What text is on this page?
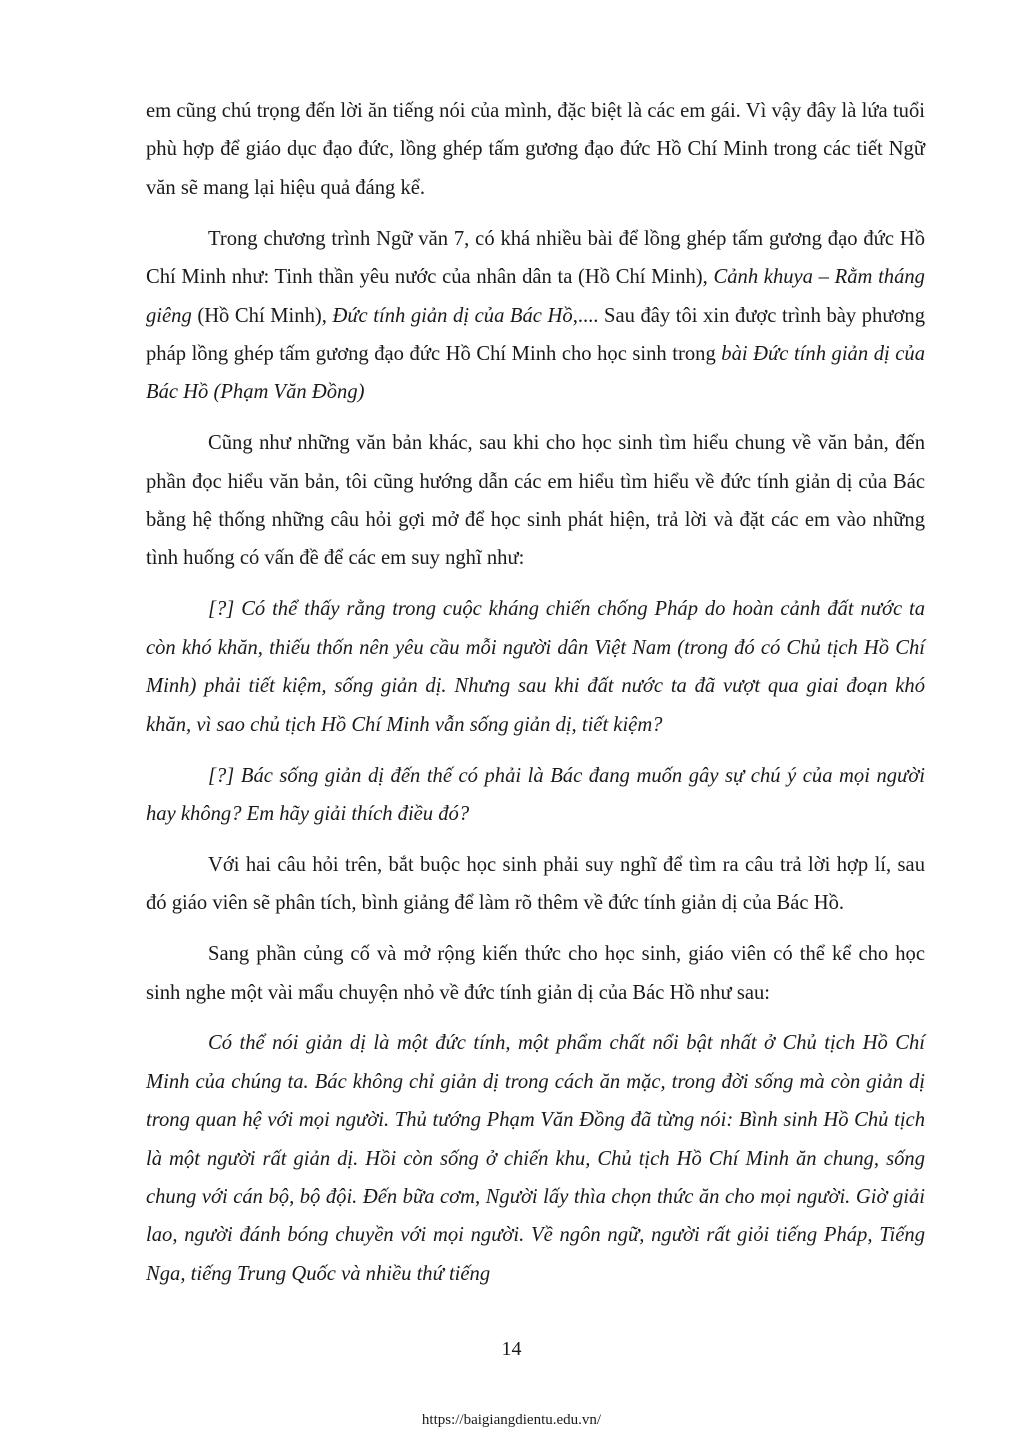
em cũng chú trọng đến lời ăn tiếng nói của mình, đặc biệt là các em gái. Vì vậy đây là lứa tuổi phù hợp để giáo dục đạo đức, lồng ghép tấm gương đạo đức Hồ Chí Minh trong các tiết Ngữ văn sẽ mang lại hiệu quả đáng kể.

Trong chương trình Ngữ văn 7, có khá nhiều bài để lồng ghép tấm gương đạo đức Hồ Chí Minh như: Tinh thần yêu nước của nhân dân ta (Hồ Chí Minh), Cảnh khuya – Rằm tháng giêng (Hồ Chí Minh), Đức tính giản dị của Bác Hồ,.... Sau đây tôi xin được trình bày phương pháp lồng ghép tấm gương đạo đức Hồ Chí Minh cho học sinh trong bài Đức tính giản dị của Bác Hồ (Phạm Văn Đồng)

Cũng như những văn bản khác, sau khi cho học sinh tìm hiểu chung về văn bản, đến phần đọc hiểu văn bản, tôi cũng hướng dẫn các em hiểu tìm hiểu về đức tính giản dị của Bác bằng hệ thống những câu hỏi gợi mở để học sinh phát hiện, trả lời và đặt các em vào những tình huống có vấn đề để các em suy nghĩ như:

[?] Có thể thấy rằng trong cuộc kháng chiến chống Pháp do hoàn cảnh đất nước ta còn khó khăn, thiếu thốn nên yêu cầu mỗi người dân Việt Nam (trong đó có Chủ tịch Hồ Chí Minh) phải tiết kiệm, sống giản dị. Nhưng sau khi đất nước ta đã vượt qua giai đoạn khó khăn, vì sao chủ tịch Hồ Chí Minh vẫn sống giản dị, tiết kiệm?

[?] Bác sống giản dị đến thế có phải là Bác đang muốn gây sự chú ý của mọi người hay không? Em hãy giải thích điều đó?

Với hai câu hỏi trên, bắt buộc học sinh phải suy nghĩ để tìm ra câu trả lời hợp lí, sau đó giáo viên sẽ phân tích, bình giảng để làm rõ thêm về đức tính giản dị của Bác Hồ.

Sang phần củng cố và mở rộng kiến thức cho học sinh, giáo viên có thể kể cho học sinh nghe một vài mẩu chuyện nhỏ về đức tính giản dị của Bác Hồ như sau:

Có thể nói giản dị là một đức tính, một phẩm chất nổi bật nhất ở Chủ tịch Hồ Chí Minh của chúng ta. Bác không chỉ giản dị trong cách ăn mặc, trong đời sống mà còn giản dị trong quan hệ với mọi người. Thủ tướng Phạm Văn Đồng đã từng nói: Bình sinh Hồ Chủ tịch là một người rất giản dị. Hồi còn sống ở chiến khu, Chủ tịch Hồ Chí Minh ăn chung, sống chung với cán bộ, bộ đội. Đến bữa cơm, Người lấy thìa chọn thức ăn cho mọi người. Giờ giải lao, người đánh bóng chuyền với mọi người. Về ngôn ngữ, người rất giỏi tiếng Pháp, Tiếng Nga, tiếng Trung Quốc và nhiều thứ tiếng

14
https://baigiangdientu.edu.vn/
